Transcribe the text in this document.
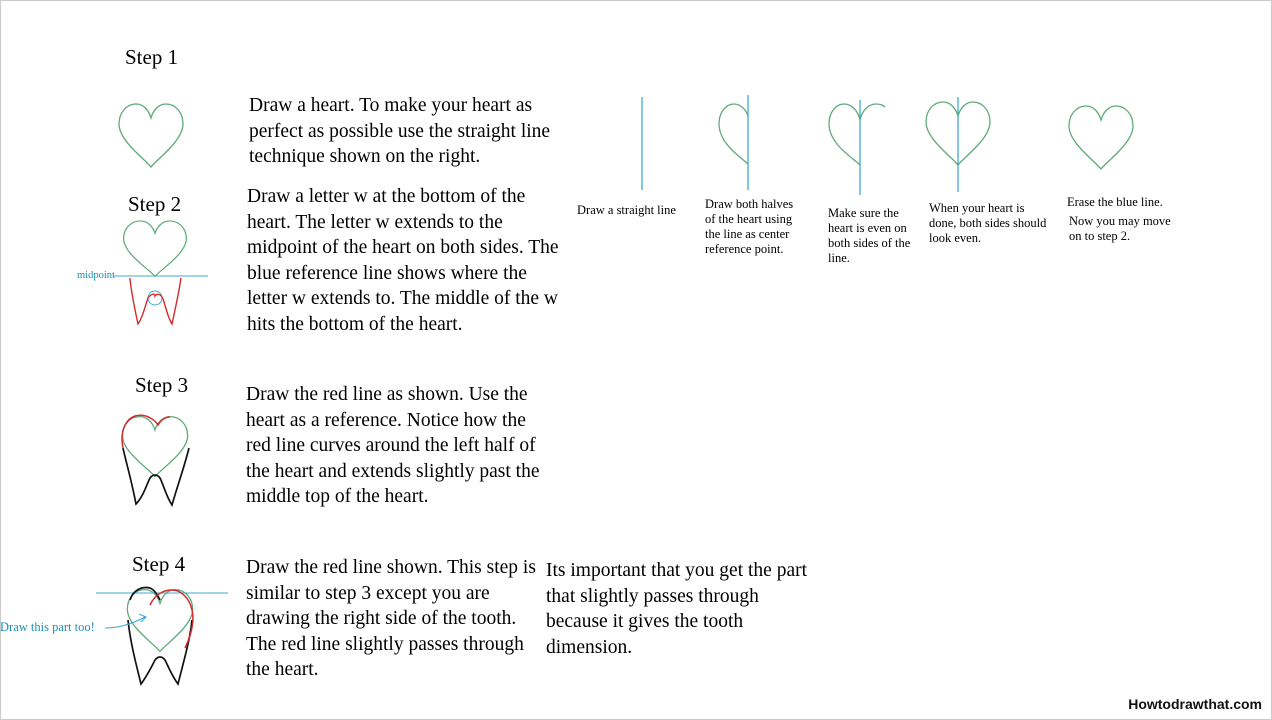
Step 1
Draw a heart. To make your heart as perfect as possible use the straight line technique shown on the right.
Step 2	Draw a letter w at the bottom of the heart. The letter w extends to the midpoint of the heart on both sides. The blue reference line shows where the letter w extends to. The middle of the w hits the bottom of the heart.
midpoint
Step 3	Draw the red line as shown. Use the heart as a reference. Notice how the red line curves around the left half of the heart and extends slightly past the middle top of the heart.
Step 4	Draw the red line shown. This step is similar to step 3 except you are drawing the right side of the tooth. The red line slightly passes through the heart.
Its important that you get the part that slightly passes through because it gives the tooth dimension.
Draw this part too!
Draw a straight line Draw both halves of the heart using the line as center reference point.
Make sure the heart is even on both sides of the line.
When your heart is done, both sides should look even.
Erase the blue line.
Now you may move on to step 2.
Howtodrawthat.com
